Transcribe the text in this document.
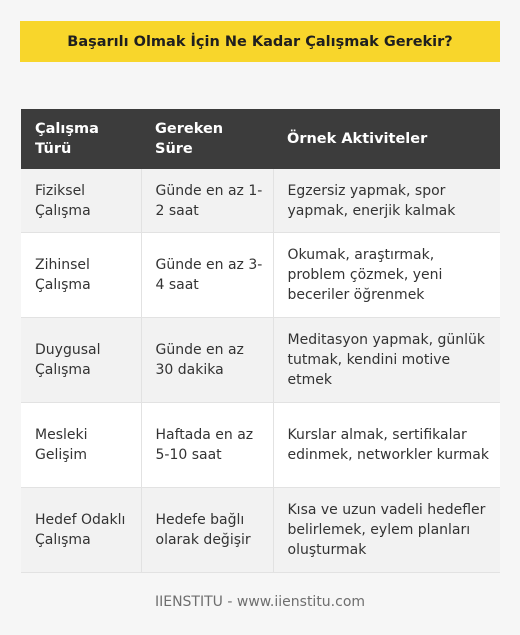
Başarılı Olmak İçin Ne Kadar Çalışmak Gerekir?
Çalışma Türü	Gereken Süre	Örnek Aktiviteler
Fiziksel Çalışma	Günde en az 1-2 saat	Egzersiz yapmak, spor yapmak, enerjik kalmak
Zihinsel Çalışma	Günde en az 3-4 saat	Okumak, araştırmak, problem çözmek, yeni beceriler öğrenmek
Duygusal Çalışma	Günde en az 30 dakika	Meditasyon yapmak, günlük tutmak, kendini motive etmek
Mesleki Gelişim	Haftada en az 5-10 saat	Kurslar almak, sertifikalar edinmek, networkler kurmak
Hedef Odaklı Çalışma	Hedefe bağlı olarak değişir	Kısa ve uzun vadeli hedefler belirlemek, eylem planları oluşturmak
IIENSTITU - www.iienstitu.com
